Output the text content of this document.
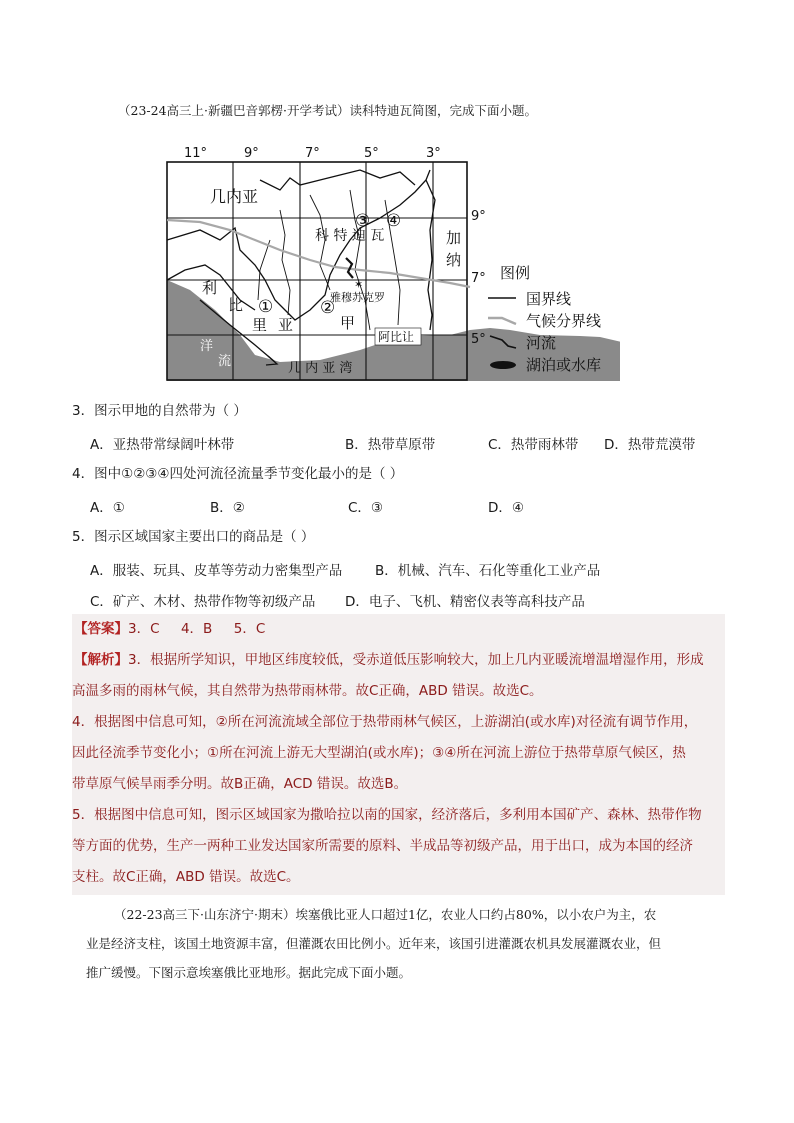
（23-24高三上·新疆巴音郭楞·开学考试）读科特迪瓦简图，完成下面小题。
✶
11°	9°	7°	5°	3°
9°
7°
5°
几内亚
科 特 迪 瓦	加
纳
利
比
里 亚	甲
雅穆苏克罗
洋
流	几 内 亚 湾
①	②
③ ④
阿比让
图例
国界线
气候分界线
河流
湖泊或水库
3．图示甲地的自然带为（ ）
A．亚热带常绿阔叶林带	B．热带草原带	C．热带雨林带 D．热带荒漠带
4．图中①②③④四处河流径流量季节变化最小的是（ ）
A．①	B．②	C．③	D．④
5．图示区域国家主要出口的商品是（ ）
A．服装、玩具、皮革等劳动力密集型产品 B．机械、汽车、石化等重化工业产品
C．矿产、木材、热带作物等初级产品 D．电子、飞机、精密仪表等高科技产品
【答案】3．C     4．B     5．C
【解析】3．根据所学知识，甲地区纬度较低，受赤道低压影响较大，加上几内亚暖流增温增湿作用，形成
高温多雨的雨林气候，其自然带为热带雨林带。故C正确，ABD 错误。故选C。
4．根据图中信息可知，②所在河流流域全部位于热带雨林气候区，上游湖泊(或水库)对径流有调节作用，
因此径流季节变化小；①所在河流上游无大型湖泊(或水库)；③④所在河流上游位于热带草原气候区，热
带草原气候旱雨季分明。故B正确，ACD 错误。故选B。
5．根据图中信息可知，图示区域国家为撒哈拉以南的国家，经济落后，多利用本国矿产、森林、热带作物
等方面的优势，生产一两种工业发达国家所需要的原料、半成品等初级产品，用于出口，成为本国的经济
支柱。故C正确，ABD 错误。故选C。
（22-23高三下·山东济宁·期末）埃塞俄比亚人口超过1亿，农业人口约占80%，以小农户为主，农
业是经济支柱，该国土地资源丰富，但灌溉农田比例小。近年来，该国引进灌溉农机具发展灌溉农业，但
推广缓慢。下图示意埃塞俄比亚地形。据此完成下面小题。
